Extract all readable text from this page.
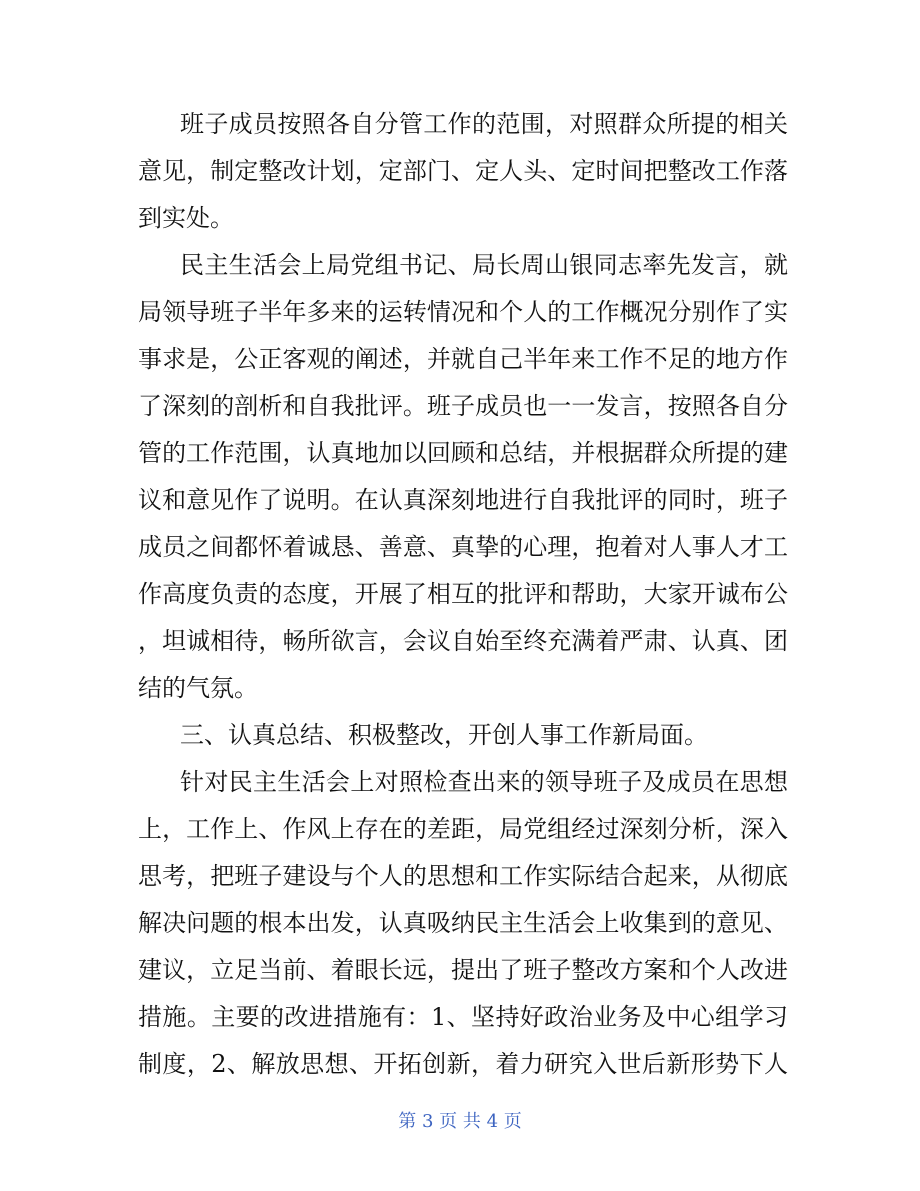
班子成员按照各自分管工作的范围，对照群众所提的相关
意见，制定整改计划，定部门、定人头、定时间把整改工作落
到实处。
民主生活会上局党组书记、局长周山银同志率先发言，就
局领导班子半年多来的运转情况和个人的工作概况分别作了实
事求是，公正客观的阐述，并就自己半年来工作不足的地方作
了深刻的剖析和自我批评。班子成员也一一发言，按照各自分
管的工作范围，认真地加以回顾和总结，并根据群众所提的建
议和意见作了说明。在认真深刻地进行自我批评的同时，班子
成员之间都怀着诚恳、善意、真挚的心理，抱着对人事人才工
作高度负责的态度，开展了相互的批评和帮助，大家开诚布公
，坦诚相待，畅所欲言，会议自始至终充满着严肃、认真、团
结的气氛。
三、认真总结、积极整改，开创人事工作新局面。
针对民主生活会上对照检查出来的领导班子及成员在思想
上，工作上、作风上存在的差距，局党组经过深刻分析，深入
思考，把班子建设与个人的思想和工作实际结合起来，从彻底
解决问题的根本出发，认真吸纳民主生活会上收集到的意见、
建议，立足当前、着眼长远，提出了班子整改方案和个人改进
措施。主要的改进措施有：1、坚持好政治业务及中心组学习
制度，2、解放思想、开拓创新，着力研究入世后新形势下人
第 3 页 共 4 页
